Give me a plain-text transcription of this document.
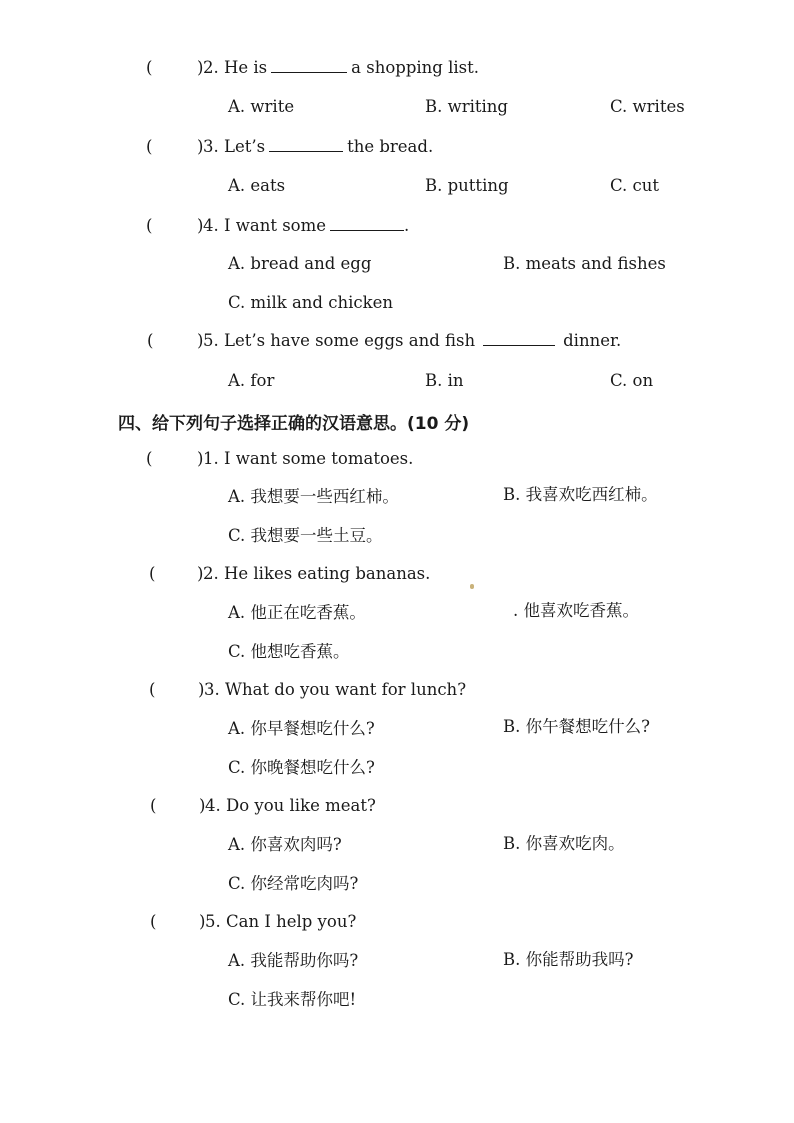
(	) 2. He is	a shopping list.
A. write	B. writing	C. writes
(	) 3. Let’s	the bread.
A. eats	B. putting	C. cut
(	) 4. I want some	.
A. bread and egg	B. meats and fishes
C. milk and chicken
(	) 5. Let’s have some eggs and fish	dinner.
A. for	B. in	C. on
四、给下列句子选择正确的汉语意思。(10 分)
(	) 1. I want some tomatoes.
A. 我想要一些西红柿。	B. 我喜欢吃西红柿。
C. 我想要一些土豆。
(	) 2. He likes eating bananas.
A. 他正在吃香蕉。	. 他喜欢吃香蕉。
C. 他想吃香蕉。
(	) 3. What do you want for lunch?
A. 你早餐想吃什么?	B. 你午餐想吃什么?
C. 你晚餐想吃什么?
(	) 4. Do you like meat?
A. 你喜欢肉吗?	B. 你喜欢吃肉。
C. 你经常吃肉吗?
(	) 5. Can I help you?
A. 我能帮助你吗?	B. 你能帮助我吗?
C. 让我来帮你吧!
